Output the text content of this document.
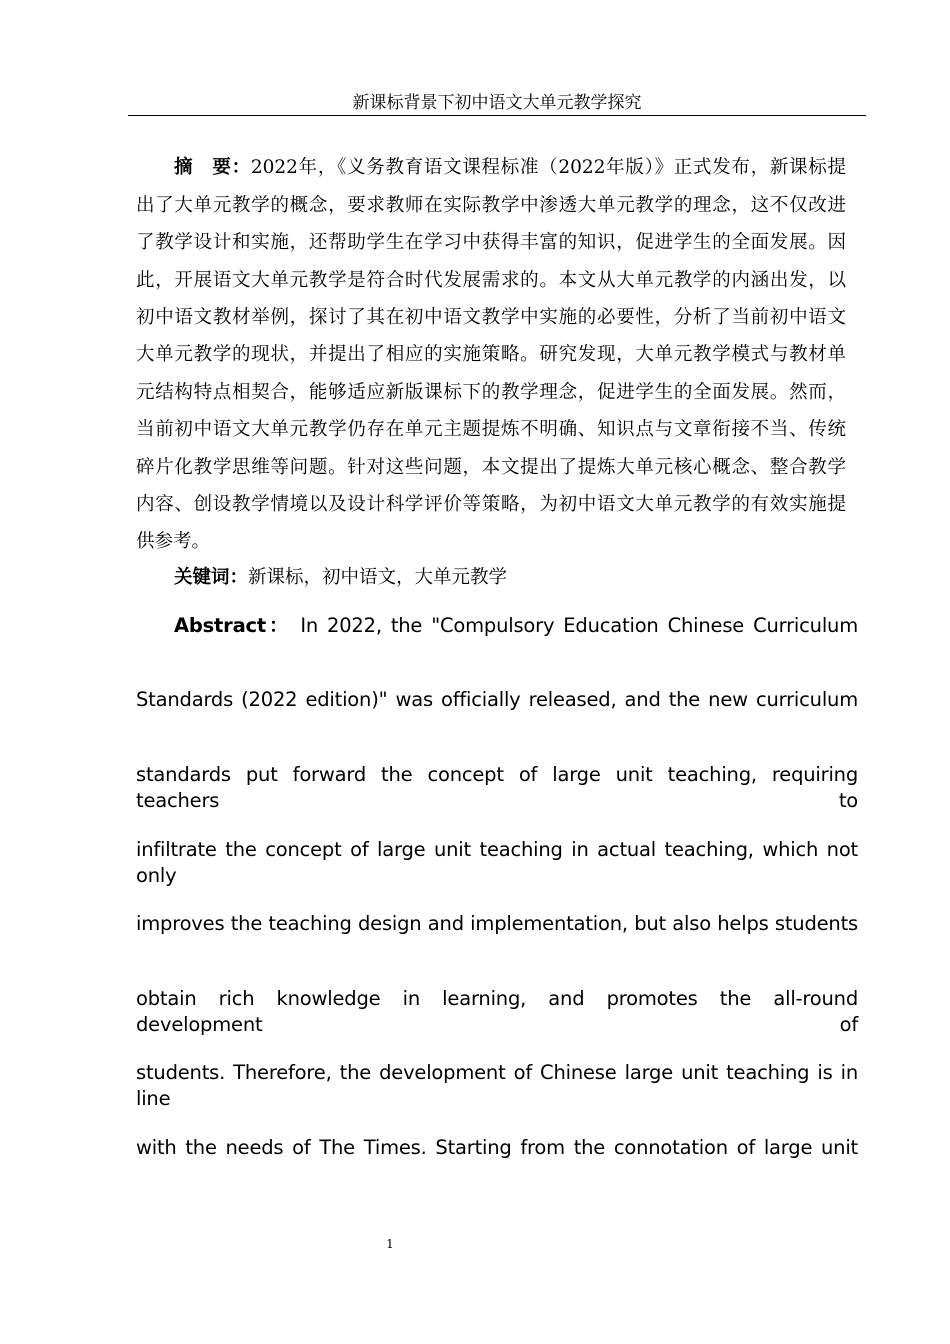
新课标背景下初中语文大单元教学探究
摘　要：2022年，《义务教育语文课程标准（2022年版）》正式发布，新课标提
出了大单元教学的概念，要求教师在实际教学中渗透大单元教学的理念，这不仅改进
了教学设计和实施，还帮助学生在学习中获得丰富的知识，促进学生的全面发展。因
此，开展语文大单元教学是符合时代发展需求的。本文从大单元教学的内涵出发，以
初中语文教材举例，探讨了其在初中语文教学中实施的必要性，分析了当前初中语文
大单元教学的现状，并提出了相应的实施策略。研究发现，大单元教学模式与教材单
元结构特点相契合，能够适应新版课标下的教学理念，促进学生的全面发展。然而，
当前初中语文大单元教学仍存在单元主题提炼不明确、知识点与文章衔接不当、传统
碎片化教学思维等问题。针对这些问题，本文提出了提炼大单元核心概念、整合教学
内容、创设教学情境以及设计科学评价等策略，为初中语文大单元教学的有效实施提
供参考。
关键词：新课标，初中语文，大单元教学
Abstract： In 2022, the "Compulsory Education Chinese Curriculum
Standards (2022 edition)" was officially released, and the new curriculum
standards put forward the concept of large unit teaching, requiring teachers to
infiltrate the concept of large unit teaching in actual teaching, which not only
improves the teaching design and implementation, but also helps students
obtain rich knowledge in learning, and promotes the all-round development of
students. Therefore, the development of Chinese large unit teaching is in line
with the needs of The Times. Starting from the connotation of large unit
1
